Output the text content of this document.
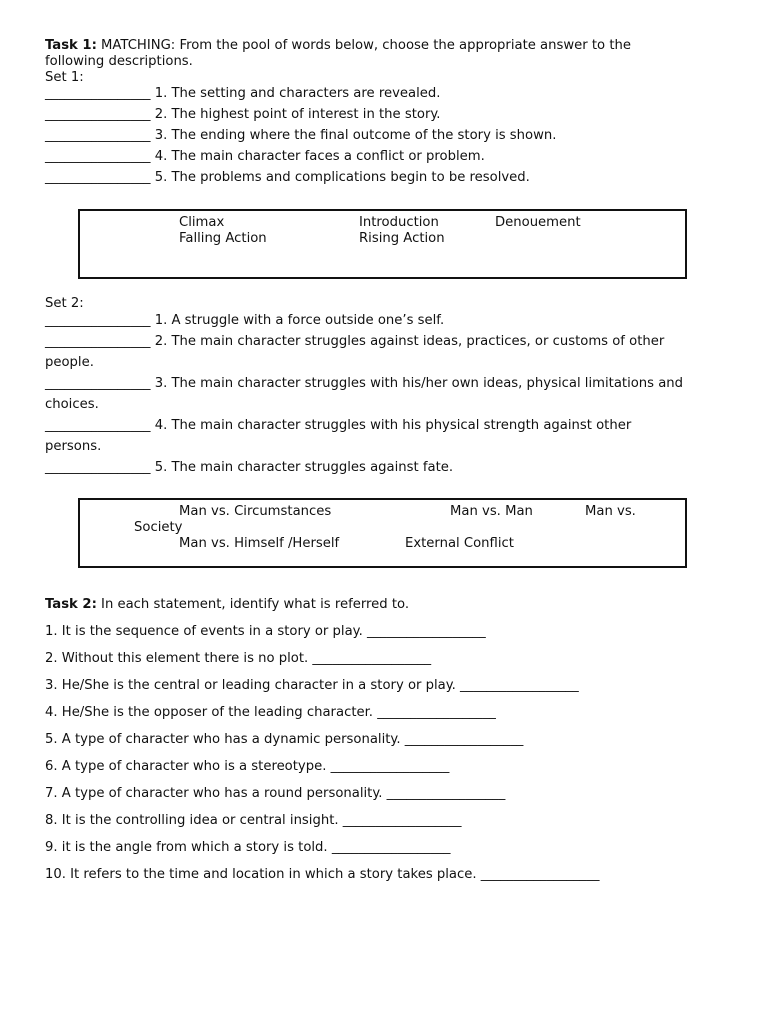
Task 1: MATCHING: From the pool of words below, choose the appropriate answer to the
following descriptions.
Set 1:
________________ 1. The setting and characters are revealed.
________________ 2. The highest point of interest in the story.
________________ 3. The ending where the final outcome of the story is shown.
________________ 4. The main character faces a conflict or problem.
________________ 5. The problems and complications begin to be resolved.
Climax	Introduction	Denouement
Falling Action	Rising Action
Set 2:
________________ 1. A struggle with a force outside one’s self.
________________ 2. The main character struggles against ideas, practices, or customs of other
people.
________________ 3. The main character struggles with his/her own ideas, physical limitations and
choices.
________________ 4. The main character struggles with his physical strength against other
persons.
________________ 5. The main character struggles against fate.
Man vs. Circumstances	Man vs. Man	Man vs.
Society
Man vs. Himself /Herself	External Conflict
Task 2: In each statement, identify what is referred to.
1. It is the sequence of events in a story or play. __________________
2. Without this element there is no plot. __________________
3. He/She is the central or leading character in a story or play. __________________
4. He/She is the opposer of the leading character. __________________
5. A type of character who has a dynamic personality. __________________
6. A type of character who is a stereotype. __________________
7. A type of character who has a round personality. __________________
8. It is the controlling idea or central insight. __________________
9. it is the angle from which a story is told. __________________
10. It refers to the time and location in which a story takes place. __________________
